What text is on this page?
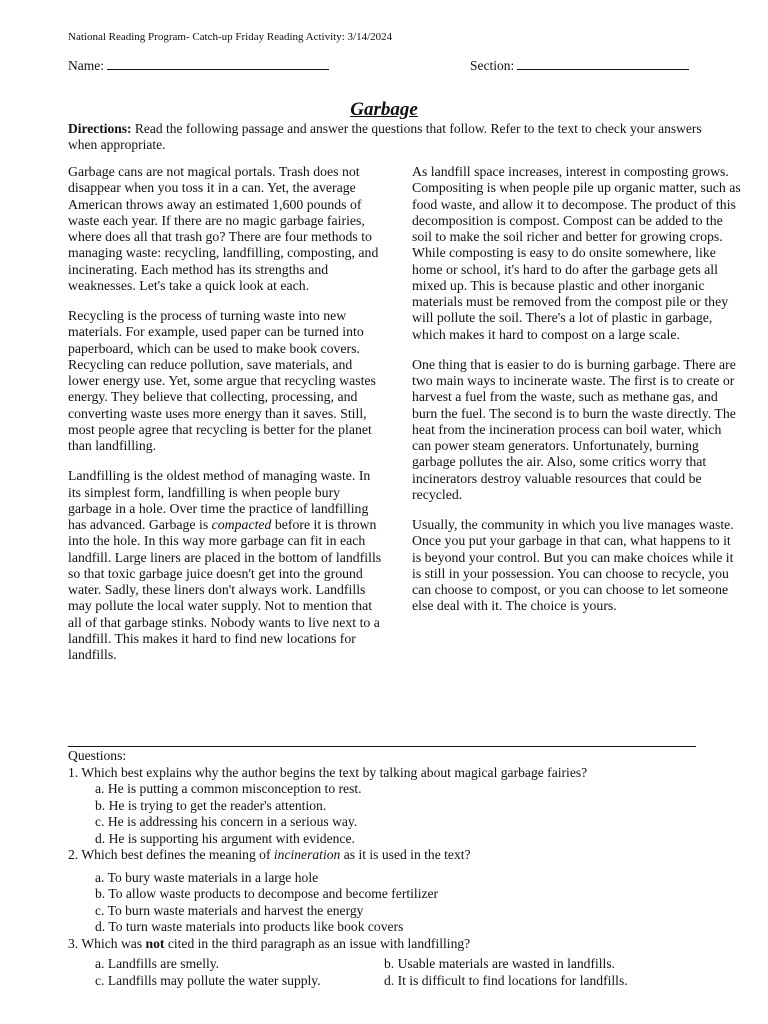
National Reading Program- Catch-up Friday Reading Activity: 3/14/2024
Name:	Section:
Garbage
Directions: Read the following passage and answer the questions that follow. Refer to the text to check your answers when appropriate.

Garbage cans are not magical portals. Trash does not disappear when you toss it in a can. Yet, the average American throws away an estimated 1,600 pounds of waste each year. If there are no magic garbage fairies, where does all that trash go? There are four methods to managing waste: recycling, landfilling, composting, and incinerating. Each method has its strengths and weaknesses. Let's take a quick look at each.

Recycling is the process of turning waste into new materials. For example, used paper can be turned into paperboard, which can be used to make book covers. Recycling can reduce pollution, save materials, and lower energy use. Yet, some argue that recycling wastes energy. They believe that collecting, processing, and converting waste uses more energy than it saves. Still, most people agree that recycling is better for the planet than landfilling.

Landfilling is the oldest method of managing waste. In its simplest form, landfilling is when people bury garbage in a hole. Over time the practice of landfilling has advanced. Garbage is compacted before it is thrown into the hole. In this way more garbage can fit in each landfill. Large liners are placed in the bottom of landfills so that toxic garbage juice doesn't get into the ground water. Sadly, these liners don't always work. Landfills may pollute the local water supply. Not to mention that all of that garbage stinks. Nobody wants to live next to a landfill. This makes it hard to find new locations for landfills.

As landfill space increases, interest in composting grows. Compositing is when people pile up organic matter, such as food waste, and allow it to decompose. The product of this decomposition is compost. Compost can be added to the soil to make the soil richer and better for growing crops. While composting is easy to do onsite somewhere, like home or school, it's hard to do after the garbage gets all mixed up. This is because plastic and other inorganic materials must be removed from the compost pile or they will pollute the soil. There's a lot of plastic in garbage, which makes it hard to compost on a large scale.

One thing that is easier to do is burning garbage. There are two main ways to incinerate waste. The first is to create or harvest a fuel from the waste, such as methane gas, and burn the fuel. The second is to burn the waste directly. The heat from the incineration process can boil water, which can power steam generators. Unfortunately, burning garbage pollutes the air. Also, some critics worry that incinerators destroy valuable resources that could be recycled.

Usually, the community in which you live manages waste. Once you put your garbage in that can, what happens to it is beyond your control. But you can make choices while it is still in your possession. You can choose to recycle, you can choose to compost, or you can choose to let someone else deal with it. The choice is yours.

Questions:
1. Which best explains why the author begins the text by talking about magical garbage fairies?
a. He is putting a common misconception to rest.
b. He is trying to get the reader's attention.
c. He is addressing his concern in a serious way.
d. He is supporting his argument with evidence.
2. Which best defines the meaning of incineration as it is used in the text?
a. To bury waste materials in a large hole
b. To allow waste products to decompose and become fertilizer
c. To burn waste materials and harvest the energy
d. To turn waste materials into products like book covers
3. Which was not cited in the third paragraph as an issue with landfilling?
a. Landfills are smelly.	b. Usable materials are wasted in landfills.
c. Landfills may pollute the water supply.	d. It is difficult to find locations for landfills.
